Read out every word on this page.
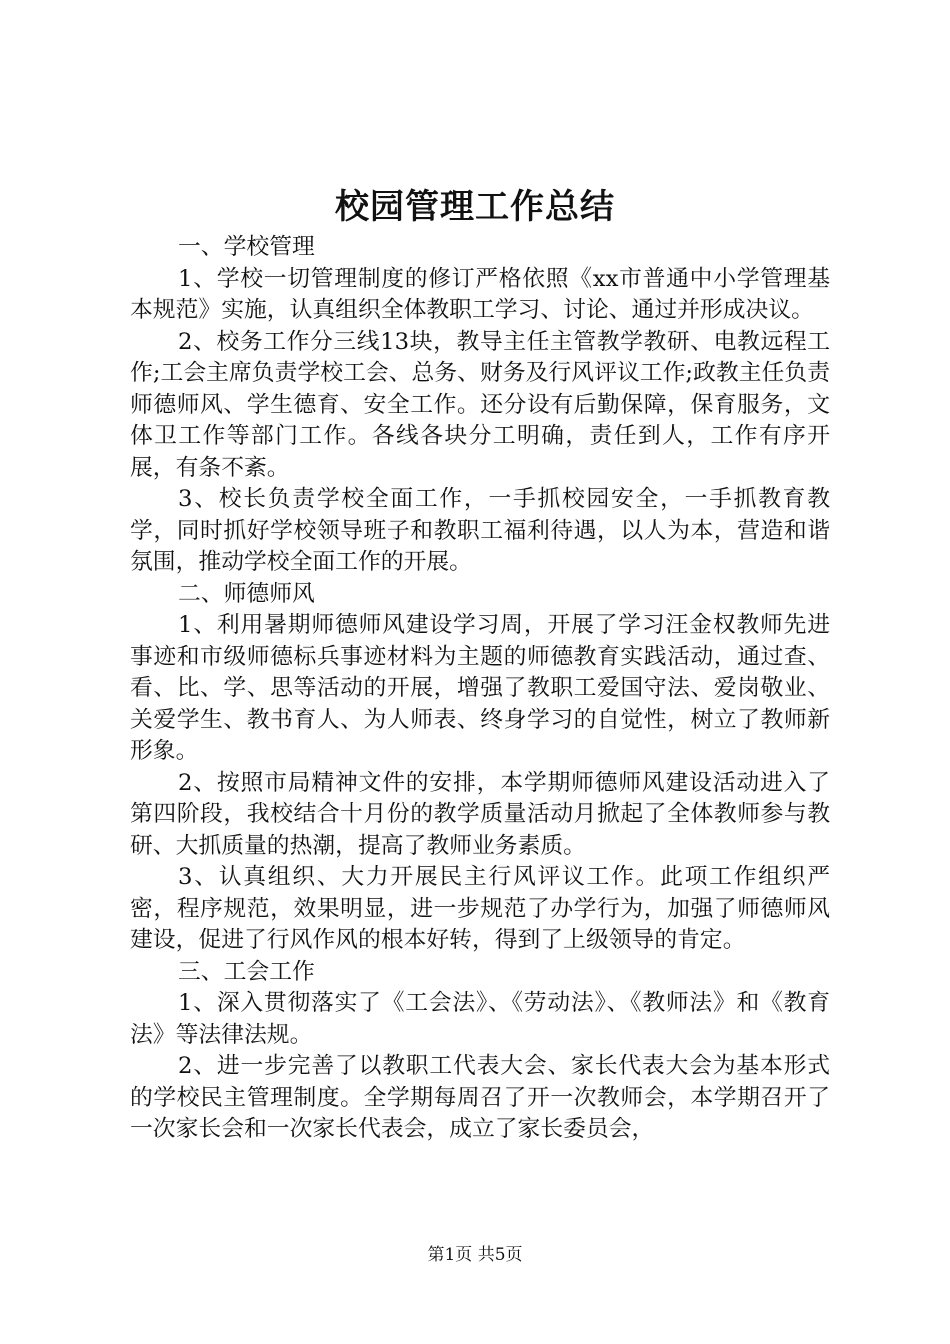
校园管理工作总结

一、学校管理

1、学校一切管理制度的修订严格依照《xx市普通中小学管理基本规范》实施，认真组织全体教职工学习、讨论、通过并形成决议。

2、校务工作分三线13块，教导主任主管教学教研、电教远程工作;工会主席负责学校工会、总务、财务及行风评议工作;政教主任负责师德师风、学生德育、安全工作。还分设有后勤保障，保育服务，文体卫工作等部门工作。各线各块分工明确，责任到人，工作有序开展，有条不紊。

3、校长负责学校全面工作，一手抓校园安全，一手抓教育教学，同时抓好学校领导班子和教职工福利待遇，以人为本，营造和谐氛围，推动学校全面工作的开展。

二、师德师风

1、利用暑期师德师风建设学习周，开展了学习汪金权教师先进事迹和市级师德标兵事迹材料为主题的师德教育实践活动，通过查、看、比、学、思等活动的开展，增强了教职工爱国守法、爱岗敬业、关爱学生、教书育人、为人师表、终身学习的自觉性，树立了教师新形象。

2、按照市局精神文件的安排，本学期师德师风建设活动进入了第四阶段，我校结合十月份的教学质量活动月掀起了全体教师参与教研、大抓质量的热潮，提高了教师业务素质。

3、认真组织、大力开展民主行风评议工作。此项工作组织严密，程序规范，效果明显，进一步规范了办学行为，加强了师德师风建设，促进了行风作风的根本好转，得到了上级领导的肯定。

三、工会工作

1、深入贯彻落实了《工会法》、《劳动法》、《教师法》和《教育法》等法律法规。

2、进一步完善了以教职工代表大会、家长代表大会为基本形式的学校民主管理制度。全学期每周召了开一次教师会，本学期召开了一次家长会和一次家长代表会，成立了家长委员会，

第1页 共5页
